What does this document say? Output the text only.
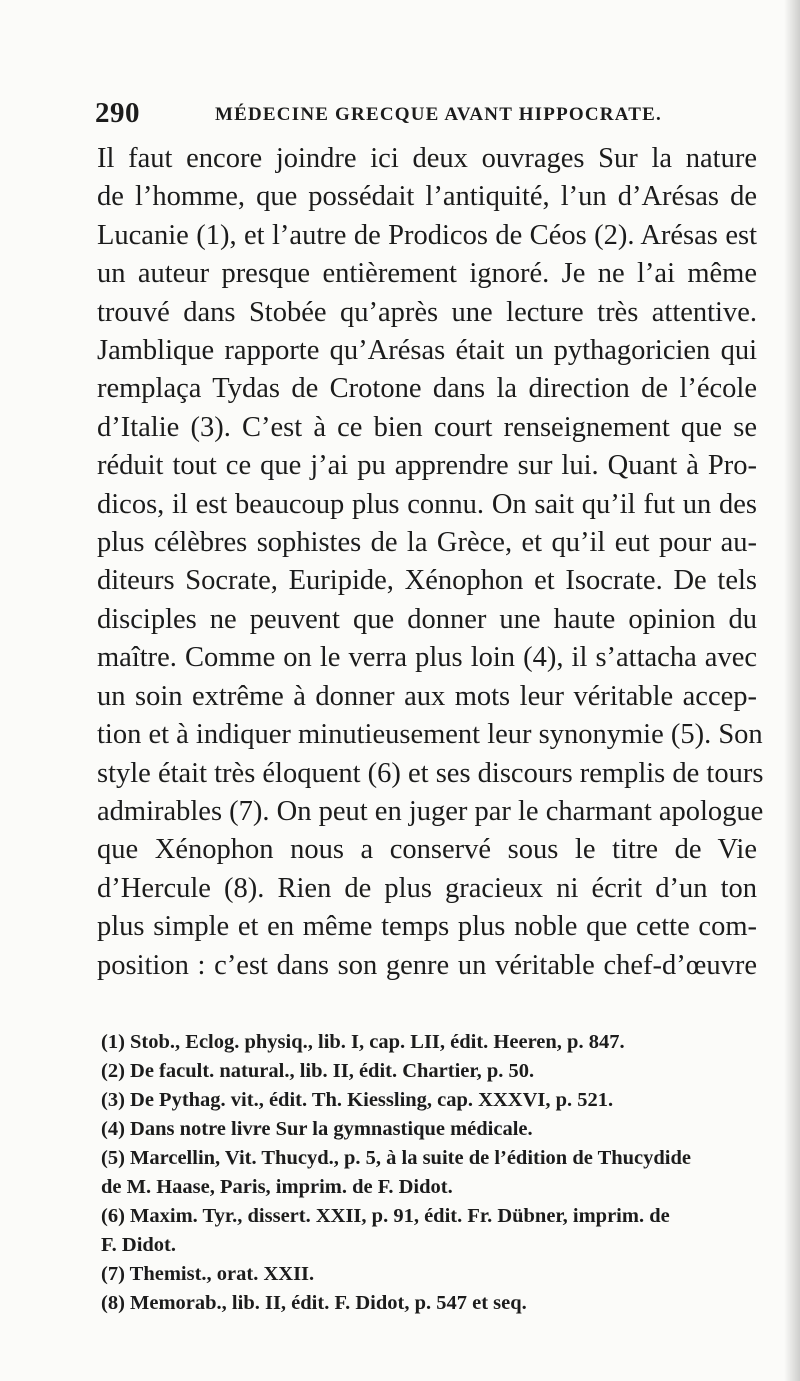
290	MÉDECINE GRECQUE AVANT HIPPOCRATE.
Il faut encore joindre ici deux ouvrages Sur la nature
de l’homme, que possédait l’antiquité, l’un d’Arésas de
Lucanie (1), et l’autre de Prodicos de Céos (2). Arésas est
un auteur presque entièrement ignoré. Je ne l’ai même
trouvé dans Stobée qu’après une lecture très attentive.
Jamblique rapporte qu’Arésas était un pythagoricien qui
remplaça Tydas de Crotone dans la direction de l’école
d’Italie (3). C’est à ce bien court renseignement que se
réduit tout ce que j’ai pu apprendre sur lui. Quant à Pro-
dicos, il est beaucoup plus connu. On sait qu’il fut un des
plus célèbres sophistes de la Grèce, et qu’il eut pour au-
diteurs Socrate, Euripide, Xénophon et Isocrate. De tels
disciples ne peuvent que donner une haute opinion du
maître. Comme on le verra plus loin (4), il s’attacha avec
un soin extrême à donner aux mots leur véritable accep-
tion et à indiquer minutieusement leur synonymie (5). Son
style était très éloquent (6) et ses discours remplis de tours
admirables (7). On peut en juger par le charmant apologue
que Xénophon nous a conservé sous le titre de Vie
d’Hercule (8). Rien de plus gracieux ni écrit d’un ton
plus simple et en même temps plus noble que cette com-
position : c’est dans son genre un véritable chef-d’œuvre
(1) Stob., Eclog. physiq., lib. I, cap. LII, édit. Heeren, p. 847.
(2) De facult. natural., lib. II, édit. Chartier, p. 50.
(3) De Pythag. vit., édit. Th. Kiessling, cap. XXXVI, p. 521.
(4) Dans notre livre Sur la gymnastique médicale.
(5) Marcellin, Vit. Thucyd., p. 5, à la suite de l’édition de Thucydide
de M. Haase, Paris, imprim. de F. Didot.
(6) Maxim. Tyr., dissert. XXII, p. 91, édit. Fr. Dübner, imprim. de
F. Didot.
(7) Themist., orat. XXII.
(8) Memorab., lib. II, édit. F. Didot, p. 547 et seq.
